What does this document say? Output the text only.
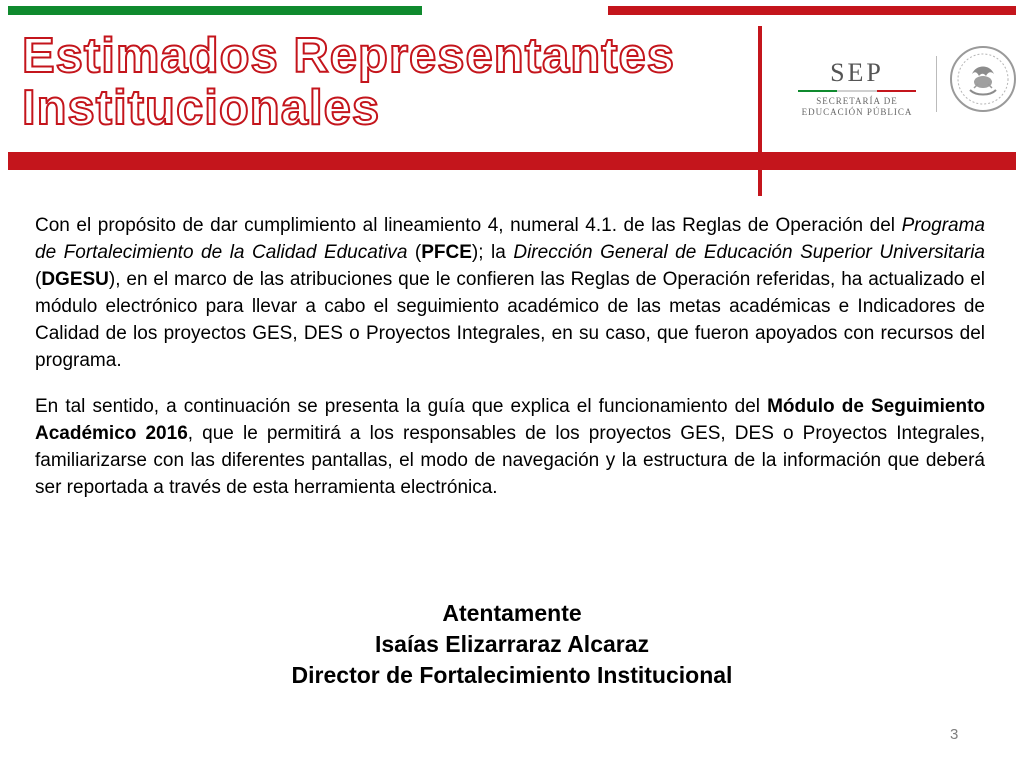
Estimados Representantes
Institucionales
SEP
SECRETARÍA DE
EDUCACIÓN PÚBLICA

Con el propósito de dar cumplimiento al lineamiento 4, numeral 4.1. de las Reglas de Operación del Programa de Fortalecimiento de la Calidad Educativa (PFCE); la Dirección General de Educación Superior Universitaria (DGESU), en el marco de las atribuciones que le confieren las Reglas de Operación referidas, ha actualizado el módulo electrónico para llevar a cabo el seguimiento académico de las metas académicas e Indicadores de Calidad de los proyectos GES, DES o Proyectos Integrales, en su caso, que fueron apoyados con recursos del programa.

En tal sentido, a continuación se presenta la guía que explica el funcionamiento del Módulo de Seguimiento Académico 2016, que le permitirá a los responsables de los proyectos GES, DES o Proyectos Integrales, familiarizarse con las diferentes pantallas, el modo de navegación y la estructura de la información que deberá ser reportada a través de esta herramienta electrónica.

Atentamente
Isaías Elizarraraz Alcaraz
Director de Fortalecimiento Institucional
3
